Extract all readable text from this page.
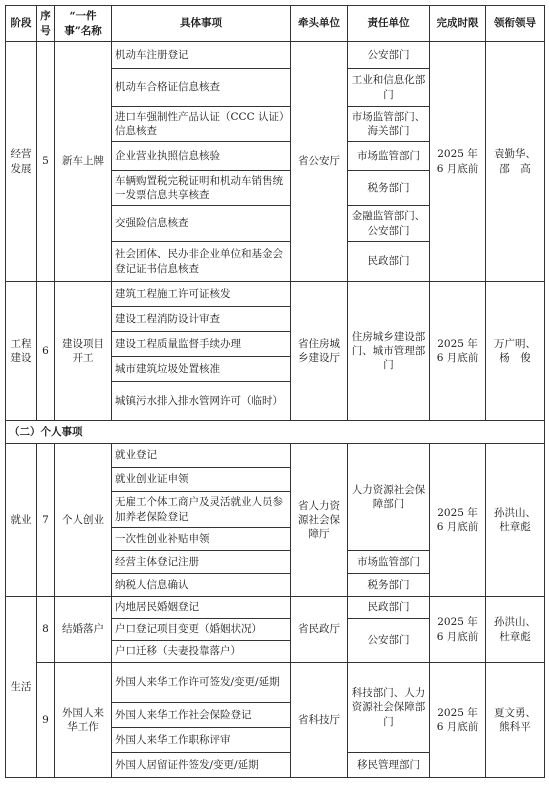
阶段	序号	“一件事”名称	具体事项	牵头单位	责任单位	完成时限	领衔领导
经营发展	5	新车上牌	机动车注册登记	省公安厅	公安部门	2025 年 6 月底前	袁勤华、邵　高
			机动车合格证信息核查		工业和信息化部门		
			进口车强制性产品认证（CCC 认证）信息核查		市场监管部门、海关部门		
			企业营业执照信息核验		市场监管部门		
			车辆购置税完税证明和机动车销售统一发票信息共享核查		税务部门		
			交强险信息核查		金融监管部门、公安部门		
			社会团体、民办非企业单位和基金会登记证书信息核查		民政部门		
工程建设	6	建设项目开工	建筑工程施工许可证核发	省住房城乡建设厅	住房城乡建设部门、城市管理部门	2025 年 6 月底前	万广明、杨　俊
			建设工程消防设计审查				
			建设工程质量监督手续办理				
			城市建筑垃圾处置核准				
			城镇污水排入排水管网许可（临时）				
（二）个人事项							
就业	7	个人创业	就业登记	省人力资源社会保障厅	人力资源社会保障部门	2025 年 6 月底前	孙洪山、杜章彪
			就业创业证申领				
			无雇工个体工商户及灵活就业人员参加养老保险登记				
			一次性创业补贴申领				
			经营主体登记注册		市场监管部门		
			纳税人信息确认		税务部门		
生活	8	结婚落户	内地居民婚姻登记	省民政厅	民政部门	2025 年 6 月底前	孙洪山、杜章彪
			户口登记项目变更（婚姻状况）		公安部门		
			户口迁移（夫妻投靠落户）				
	9	外国人来华工作	外国人来华工作许可签发/变更/延期	省科技厅	科技部门、人力资源社会保障部门	2025 年 6 月底前	夏文勇、熊科平
			外国人来华工作社会保险登记				
			外国人来华工作职称评审				
			外国人居留证件签发/变更/延期		移民管理部门		
